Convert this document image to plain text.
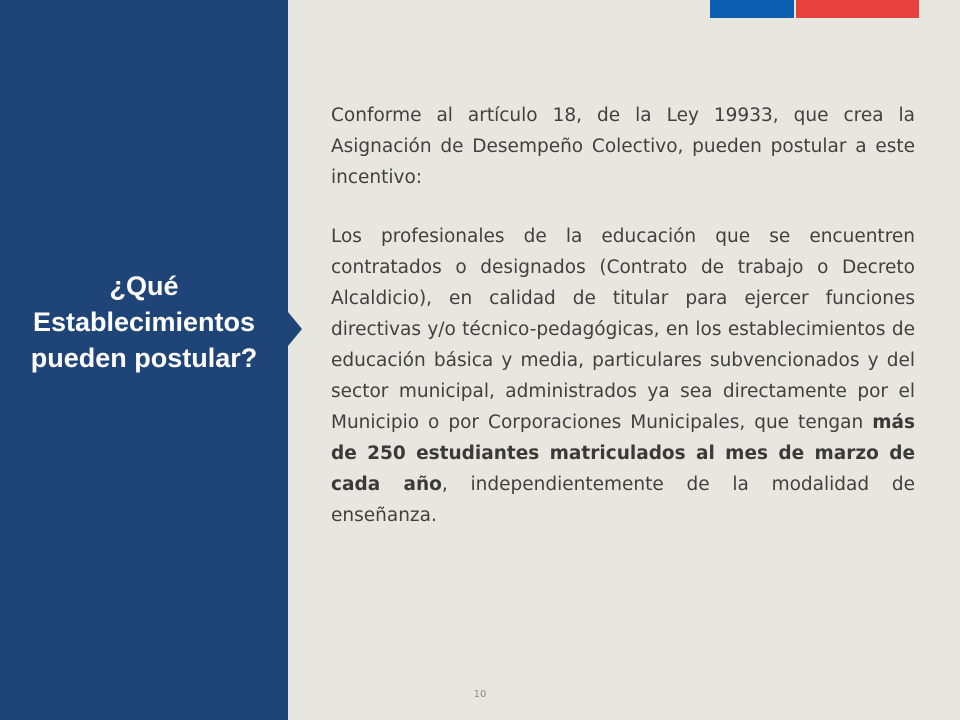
¿Qué
Establecimientos
pueden postular?

Conforme al artículo 18, de la Ley 19933, que crea la Asignación de Desempeño Colectivo, pueden postular a este incentivo:

Los profesionales de la educación que se encuentren contratados o designados (Contrato de trabajo o Decreto Alcaldicio), en calidad de titular para ejercer funciones directivas y/o técnico-pedagógicas, en los establecimientos de educación básica y media, particulares subvencionados y del sector municipal, administrados ya sea directamente por el Municipio o por Corporaciones Municipales, que tengan más de 250 estudiantes matriculados al mes de marzo de cada año, independientemente de la modalidad de enseñanza.

10
